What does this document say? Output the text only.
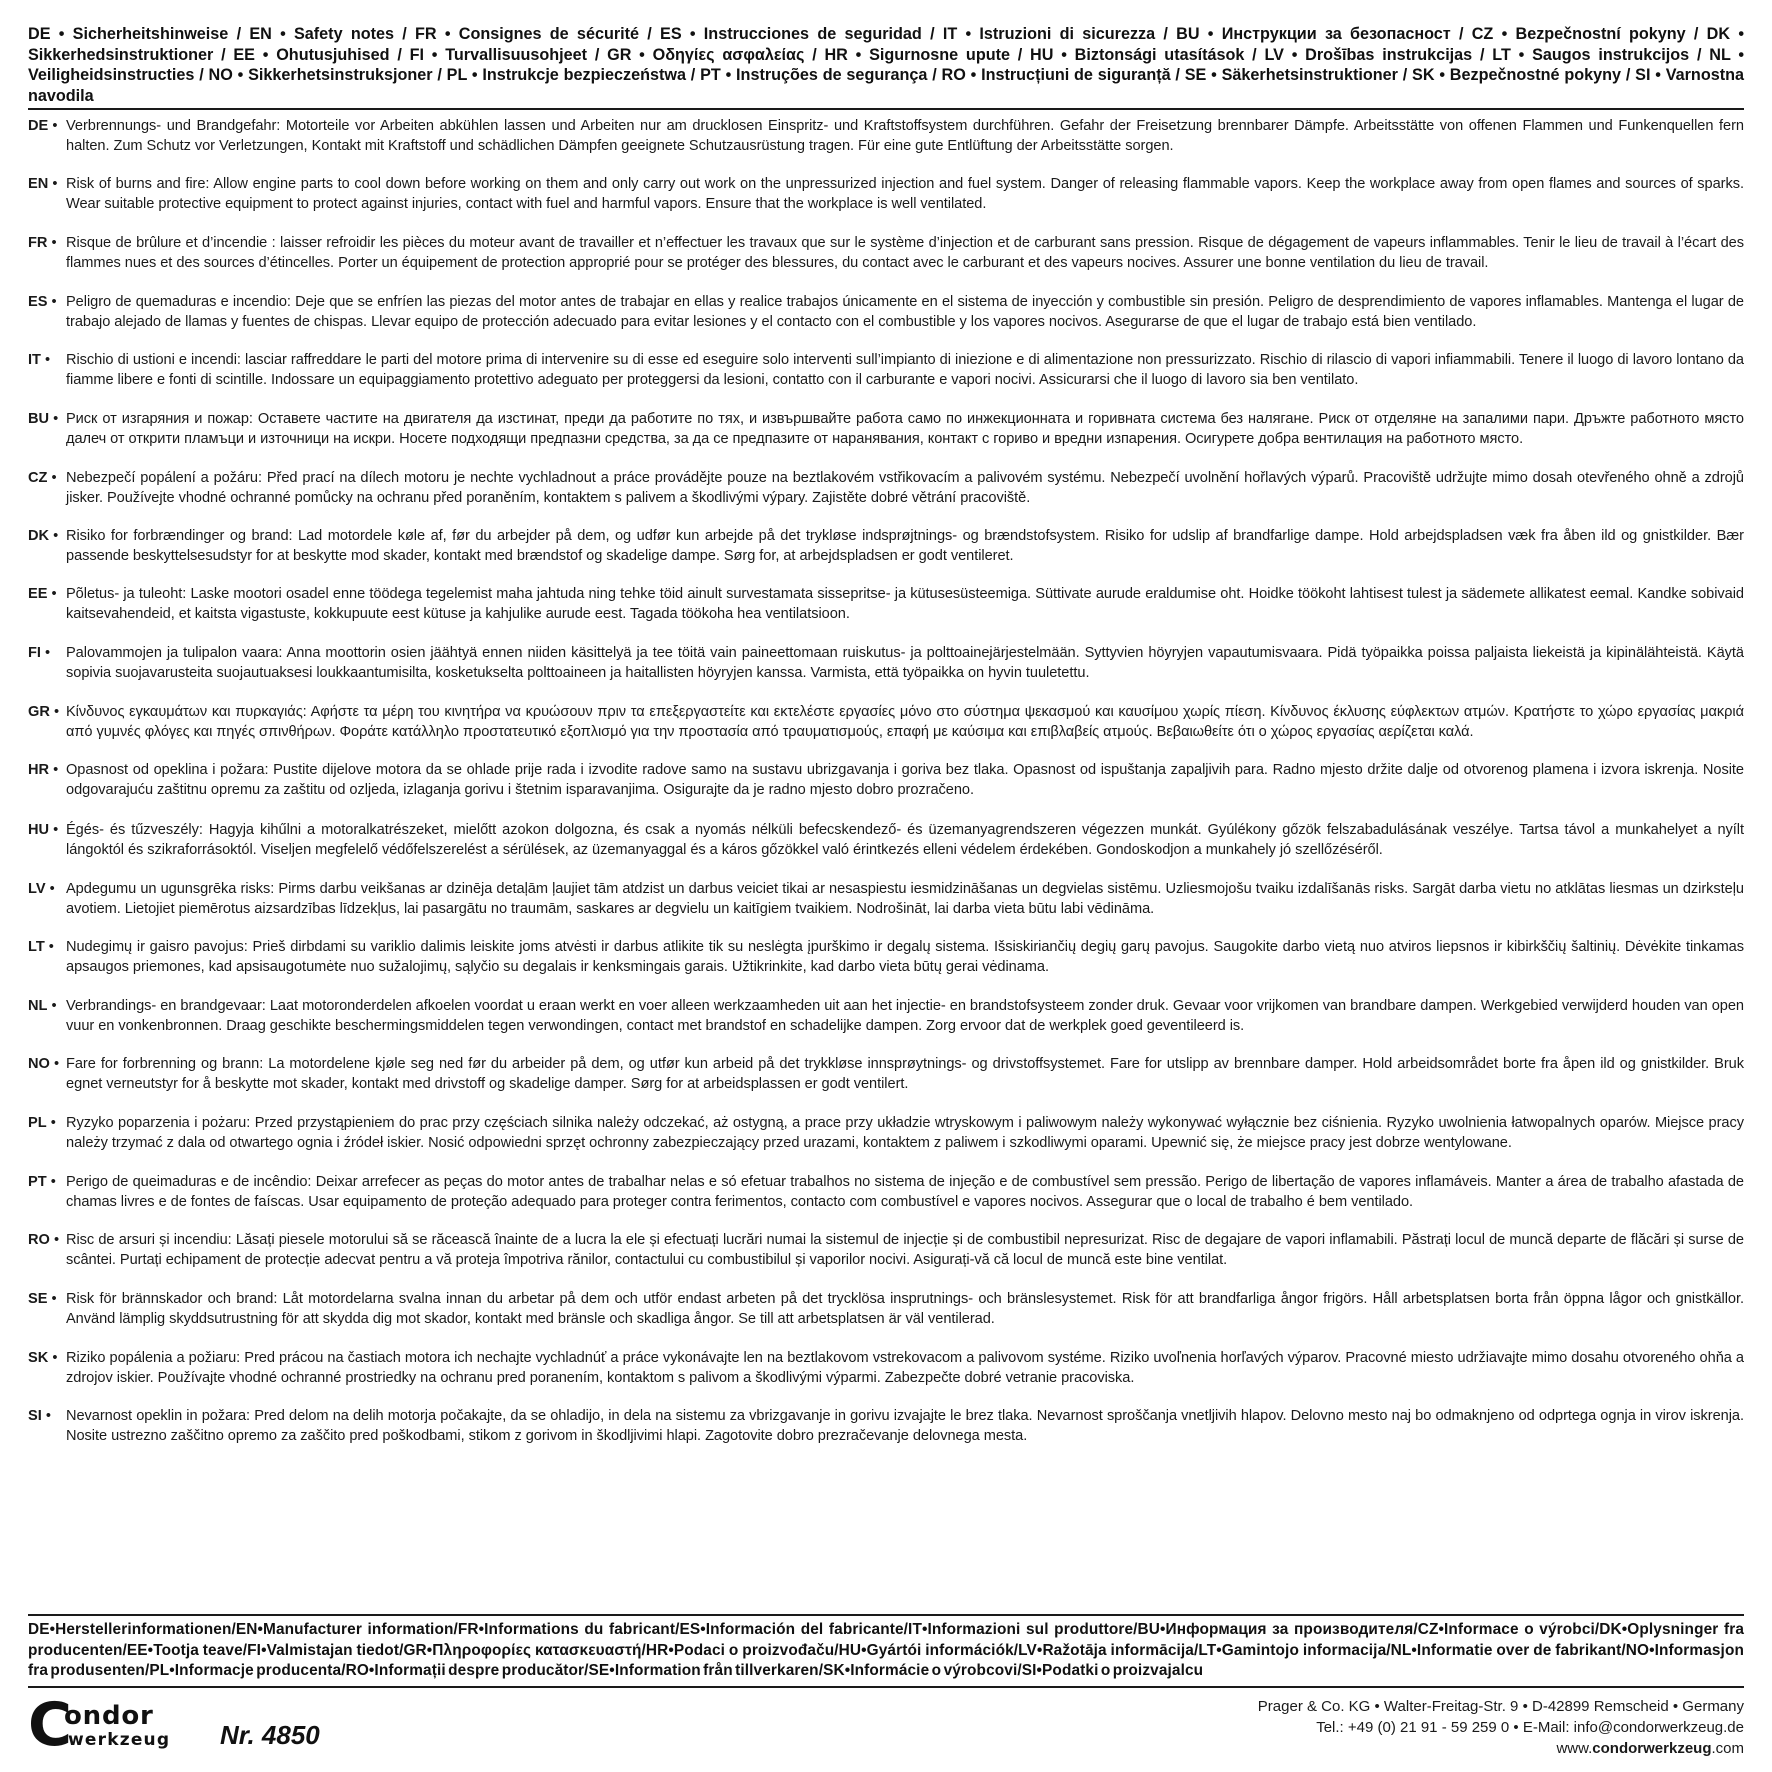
DE • Sicherheitshinweise / EN • Safety notes / FR • Consignes de sécurité / ES • Instrucciones de seguridad / IT • Istruzioni di sicurezza / BU • Инструкции за безопасност / CZ • Bezpečnostní pokyny / DK • Sikkerhedsinstruktioner / EE • Ohutusjuhised / FI • Turvallisuusohjeet / GR • Οδηγίες ασφαλείας / HR • Sigurnosne upute / HU • Biztonsági utasítások / LV • Drošības instrukcijas / LT • Saugos instrukcijos / NL • Veiligheidsinstructies / NO • Sikkerhetsinstruksjoner / PL • Instrukcje bezpieczeństwa / PT • Instruções de segurança / RO • Instrucțiuni de siguranță / SE • Säkerhetsinstruktioner / SK • Bezpečnostné pokyny / SI • Varnostna navodila
DE • Verbrennungs- und Brandgefahr: Motorteile vor Arbeiten abkühlen lassen und Arbeiten nur am drucklosen Einspritz- und Kraftstoffsystem durchführen. Gefahr der Freisetzung brennbarer Dämpfe. Arbeitsstätte von offenen Flammen und Funkenquellen fern halten. Zum Schutz vor Verletzungen, Kontakt mit Kraftstoff und schädlichen Dämpfen geeignete Schutzausrüstung tragen. Für eine gute Entlüftung der Arbeitsstätte sorgen.
EN • Risk of burns and fire: Allow engine parts to cool down before working on them and only carry out work on the unpressurized injection and fuel system. Danger of releasing flammable vapors. Keep the workplace away from open flames and sources of sparks. Wear suitable protective equipment to protect against injuries, contact with fuel and harmful vapors. Ensure that the workplace is well ventilated.
FR • Risque de brûlure et d’incendie : laisser refroidir les pièces du moteur avant de travailler et n’effectuer les travaux que sur le système d’injection et de carburant sans pression. Risque de dégagement de vapeurs inflammables. Tenir le lieu de travail à l’écart des flammes nues et des sources d’étincelles. Porter un équipement de protection approprié pour se protéger des blessures, du contact avec le carburant et des vapeurs nocives. Assurer une bonne ventilation du lieu de travail.
ES • Peligro de quemaduras e incendio: Deje que se enfríen las piezas del motor antes de trabajar en ellas y realice trabajos únicamente en el sistema de inyección y combustible sin presión. Peligro de desprendimiento de vapores inflamables. Mantenga el lugar de trabajo alejado de llamas y fuentes de chispas. Llevar equipo de protección adecuado para evitar lesiones y el contacto con el combustible y los vapores nocivos. Asegurarse de que el lugar de trabajo está bien ventilado.
IT •	Rischio di ustioni e incendi: lasciar raffreddare le parti del motore prima di intervenire su di esse ed eseguire solo interventi sull’impianto di iniezione e di alimentazione non pressurizzato. Rischio di rilascio di vapori infiammabili. Tenere il luogo di lavoro lontano da fiamme libere e fonti di scintille. Indossare un equipaggiamento protettivo adeguato per proteggersi da lesioni, contatto con il carburante e vapori nocivi. Assicurarsi che il luogo di lavoro sia ben ventilato.
BU • Риск от изгаряния и пожар: Оставете частите на двигателя да изстинат, преди да работите по тях, и извършвайте работа само по инжекционната и горивната система без налягане. Риск от отделяне на запалими пари. Дръжте работното място далеч от открити пламъци и източници на искри. Носете подходящи предпазни средства, за да се предпазите от наранявания, контакт с гориво и вредни изпарения. Осигурете добра вентилация на работното място.
CZ • Nebezpečí popálení a požáru: Před prací na dílech motoru je nechte vychladnout a práce provádějte pouze na beztlakovém vstřikovacím a palivovém systému. Nebezpečí uvolnění hořlavých výparů. Pracoviště udržujte mimo dosah otevřeného ohně a zdrojů jisker. Používejte vhodné ochranné pomůcky na ochranu před poraněním, kontaktem s palivem a škodlivými výpary. Zajistěte dobré větrání pracoviště.
DK • Risiko for forbrændinger og brand: Lad motordele køle af, før du arbejder på dem, og udfør kun arbejde på det trykløse indsprøjtnings- og brændstofsystem. Risiko for udslip af brandfarlige dampe. Hold arbejdspladsen væk fra åben ild og gnistkilder. Bær passende beskyttelsesudstyr for at beskytte mod skader, kontakt med brændstof og skadelige dampe. Sørg for, at arbejdspladsen er godt ventileret.
EE • Põletus- ja tuleoht: Laske mootori osadel enne töödega tegelemist maha jahtuda ning tehke töid ainult survestamata sissepritse- ja kütusesüsteemiga. Süttivate aurude eraldumise oht. Hoidke töökoht lahtisest tulest ja sädemete allikatest eemal. Kandke sobivaid kaitsevahendeid, et kaitsta vigastuste, kokkupuute eest kütuse ja kahjulike aurude eest. Tagada töökoha hea ventilatsioon.
FI •	Palovammojen ja tulipalon vaara: Anna moottorin osien jäähtyä ennen niiden käsittelyä ja tee töitä vain paineettomaan ruiskutus- ja polttoainejärjestelmään. Syttyvien höyryjen vapautumisvaara. Pidä työpaikka poissa paljaista liekeistä ja kipinälähteistä. Käytä sopivia suojavarusteita suojautuaksesi loukkaantumisilta, kosketukselta polttoaineen ja haitallisten höyryjen kanssa. Varmista, että työpaikka on hyvin tuuletettu.
GR • Κίνδυνος εγκαυμάτων και πυρκαγιάς: Αφήστε τα μέρη του κινητήρα να κρυώσουν πριν τα επεξεργαστείτε και εκτελέστε εργασίες μόνο στο σύστημα ψεκασμού και καυσίμου χωρίς πίεση. Κίνδυνος έκλυσης εύφλεκτων ατμών. Κρατήστε το χώρο εργασίας μακριά από γυμνές φλόγες και πηγές σπινθήρων. Φοράτε κατάλληλο προστατευτικό εξοπλισμό για την προστασία από τραυματισμούς, επαφή με καύσιμα και επιβλαβείς ατμούς. Βεβαιωθείτε ότι ο χώρος εργασίας αερίζεται καλά.
HR • Opasnost od opeklina i požara: Pustite dijelove motora da se ohlade prije rada i izvodite radove samo na sustavu ubrizgavanja i goriva bez tlaka. Opasnost od ispuštanja zapaljivih para. Radno mjesto držite dalje od otvorenog plamena i izvora iskrenja. Nosite odgovarajuću zaštitnu opremu za zaštitu od ozljeda, izlaganja gorivu i štetnim isparavanjima. Osigurajte da je radno mjesto dobro prozračeno.
HU • Égés- és tűzveszély: Hagyja kihűlni a motoralkatrészeket, mielőtt azokon dolgozna, és csak a nyomás nélküli befecskendező- és üzemanyagrendszeren végezzen munkát. Gyúlékony gőzök felszabadulásának veszélye. Tartsa távol a munkahelyet a nyílt lángoktól és szikraforrásoktól. Viseljen megfelelő védőfelszerelést a sérülések, az üzemanyaggal és a káros gőzökkel való érintkezés elleni védelem érdekében. Gondoskodjon a munkahely jó szellőzéséről.
LV • Apdegumu un ugunsgrēka risks: Pirms darbu veikšanas ar dzinēja detaļām ļaujiet tām atdzist un darbus veiciet tikai ar nesaspiestu iesmidzināšanas un degvielas sistēmu. Uzliesmojošu tvaiku izdalīšanās risks. Sargāt darba vietu no atklātas liesmas un dzirksteļu avotiem. Lietojiet piemērotus aizsardzības līdzekļus, lai pasargātu no traumām, saskares ar degvielu un kaitīgiem tvaikiem. Nodrošināt, lai darba vieta būtu labi vēdināma.
LT • Nudegimų ir gaisro pavojus: Prieš dirbdami su variklio dalimis leiskite joms atvėsti ir darbus atlikite tik su neslėgta įpurškimo ir degalų sistema. Išsiskiriančių degių garų pavojus. Saugokite darbo vietą nuo atviros liepsnos ir kibirkščių šaltinių. Dėvėkite tinkamas apsaugos priemones, kad apsisaugotumėte nuo sužalojimų, sąlyčio su degalais ir kenksmingais garais. Užtikrinkite, kad darbo vieta būtų gerai vėdinama.
NL • Verbrandings- en brandgevaar: Laat motoronderdelen afkoelen voordat u eraan werkt en voer alleen werkzaamheden uit aan het injectie- en brandstofsysteem zonder druk. Gevaar voor vrijkomen van brandbare dampen. Werkgebied verwijderd houden van open vuur en vonkenbronnen. Draag geschikte beschermingsmiddelen tegen verwondingen, contact met brandstof en schadelijke dampen. Zorg ervoor dat de werkplek goed geventileerd is.
NO • Fare for forbrenning og brann: La motordelene kjøle seg ned før du arbeider på dem, og utfør kun arbeid på det trykkløse innsprøytnings- og drivstoffsystemet. Fare for utslipp av brennbare damper. Hold arbeidsområdet borte fra åpen ild og gnistkilder. Bruk egnet verneutstyr for å beskytte mot skader, kontakt med drivstoff og skadelige damper. Sørg for at arbeidsplassen er godt ventilert.
PL • Ryzyko poparzenia i pożaru: Przed przystąpieniem do prac przy częściach silnika należy odczekać, aż ostygną, a prace przy układzie wtryskowym i paliwowym należy wykonywać wyłącznie bez ciśnienia. Ryzyko uwolnienia łatwopalnych oparów. Miejsce pracy należy trzymać z dala od otwartego ognia i źródeł iskier. Nosić odpowiedni sprzęt ochronny zabezpieczający przed urazami, kontaktem z paliwem i szkodliwymi oparami. Upewnić się, że miejsce pracy jest dobrze wentylowane.
PT • Perigo de queimaduras e de incêndio: Deixar arrefecer as peças do motor antes de trabalhar nelas e só efetuar trabalhos no sistema de injeção e de combustível sem pressão. Perigo de libertação de vapores inflamáveis. Manter a área de trabalho afastada de chamas livres e de fontes de faíscas. Usar equipamento de proteção adequado para proteger contra ferimentos, contacto com combustível e vapores nocivos. Assegurar que o local de trabalho é bem ventilado.
RO • Risc de arsuri și incendiu: Lăsați piesele motorului să se răcească înainte de a lucra la ele și efectuați lucrări numai la sistemul de injecție și de combustibil nepresurizat. Risc de degajare de vapori inflamabili. Păstrați locul de muncă departe de flăcări și surse de scântei. Purtați echipament de protecție adecvat pentru a vă proteja împotriva rănilor, contactului cu combustibilul și vaporilor nocivi. Asigurați-vă că locul de muncă este bine ventilat.
SE • Risk för brännskador och brand: Låt motordelarna svalna innan du arbetar på dem och utför endast arbeten på det trycklösa insprutnings- och bränslesystemet. Risk för att brandfarliga ångor frigörs. Håll arbetsplatsen borta från öppna lågor och gnistkällor. Använd lämplig skyddsutrustning för att skydda dig mot skador, kontakt med bränsle och skadliga ångor. Se till att arbetsplatsen är väl ventilerad.
SK • Riziko popálenia a požiaru: Pred prácou na častiach motora ich nechajte vychladnúť a práce vykonávajte len na beztlakovom vstrekovacom a palivovom systéme. Riziko uvoľnenia horľavých výparov. Pracovné miesto udržiavajte mimo dosahu otvoreného ohňa a zdrojov iskier. Používajte vhodné ochranné prostriedky na ochranu pred poranením, kontaktom s palivom a škodlivými výparmi. Zabezpečte dobré vetranie pracoviska.
SI •	Nevarnost opeklin in požara: Pred delom na delih motorja počakajte, da se ohladijo, in dela na sistemu za vbrizgavanje in gorivu izvajajte le brez tlaka. Nevarnost sproščanja vnetljivih hlapov. Delovno mesto naj bo odmaknjeno od odprtega ognja in virov iskrenja. Nosite ustrezno zaščitno opremo za zaščito pred poškodbami, stikom z gorivom in škodljivimi hlapi. Zagotovite dobro prezračevanje delovnega mesta.
DE•Herstellerinformationen/EN•Manufacturer information/FR•Informations du fabricant/ES•Información del fabricante/IT•Informazioni sul produttore/BU•Информация за производителя/CZ•Informace o výrobci/DK•Oplysninger fra producenten/EE•Tootja teave/FI•Valmistajan tiedot/GR•Πληροφορίες κατασκευαστή/HR•Podaci o proizvođaču/HU•Gyártói információk/LV•Ražotāja informācija/LT•Gamintojo informacija/NL•Informatie over de fabrikant/NO•Informasjon fra produsenten/PL•Informacje producenta/RO•Informații despre producător/SE•Information från tillverkaren/SK•Informácie o výrobcovi/SI•Podatki o proizvajalcu
C
ondor
werkzeug Nr. 4850
Prager & Co. KG • Walter-Freitag-Str. 9 • D-42899 Remscheid • Germany
Tel.: +49 (0) 21 91 - 59 259 0 • E-Mail: info@condorwerkzeug.de
www.condorwerkzeug.com
